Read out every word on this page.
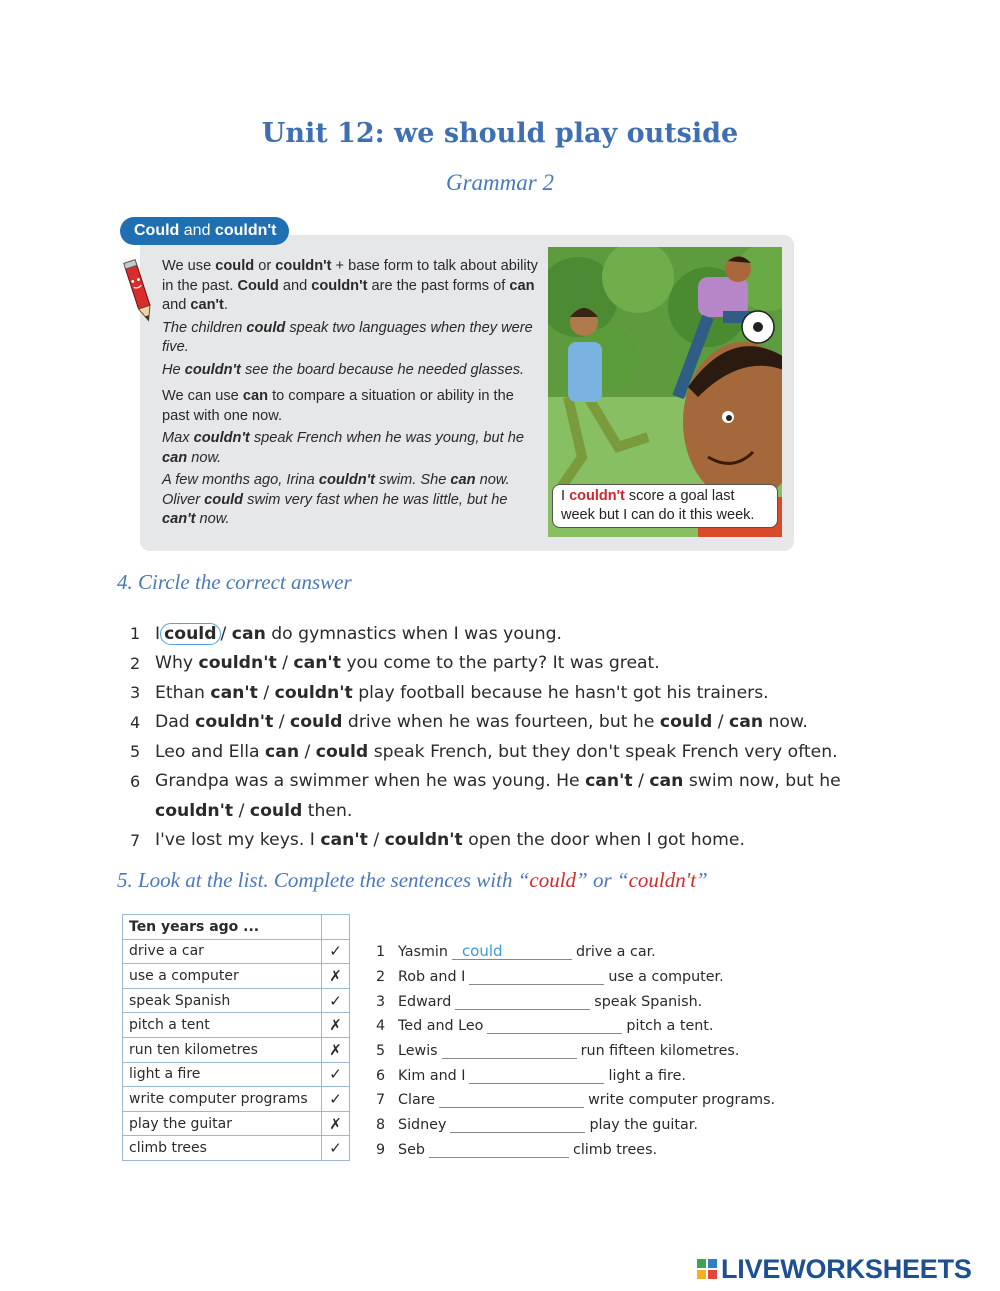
Unit 12: we should play outside
Grammar 2
Could and couldn't

We use could or couldn't + base form to talk about ability in the past. Could and couldn't are the past forms of can and can't.

The children could speak two languages when they were five.

He couldn't see the board because he needed glasses.

We can use can to compare a situation or ability in the past with one now.

Max couldn't speak French when he was young, but he can now.

A few months ago, Irina couldn't swim. She can now.

Oliver could swim very fast when he was little, but he can't now.

I couldn't score a goal last week but I can do it this week.
4. Circle the correct answer
1 I could / can do gymnastics when I was young.
2 Why couldn't / can't you come to the party? It was great.
3 Ethan can't / couldn't play football because he hasn't got his trainers.
4 Dad couldn't / could drive when he was fourteen, but he could / can now.
5 Leo and Ella can / could speak French, but they don't speak French very often.
6 Grandpa was a swimmer when he was young. He can't / can swim now, but he
couldn't / could then.
7 I've lost my keys. I can't / couldn't open the door when I got home.
5. Look at the list. Complete the sentences with “could” or “couldn't”
Ten years ago ...	
drive a car	✓
use a computer	✗
speak Spanish	✓
pitch a tent	✗
run ten kilometres	✗
light a fire	✓
write computer programs	✓
play the guitar	✗
climb trees	✓
1 Yasmin could	drive a car.
2 Rob and I	use a computer.
3 Edward	speak Spanish.
4 Ted and Leo	pitch a tent.
5 Lewis	run fifteen kilometres.
6 Kim and I	light a fire.
7 Clare	write computer programs.
8 Sidney	play the guitar.
9 Seb	climb trees.
LIVEWORKSHEETS
